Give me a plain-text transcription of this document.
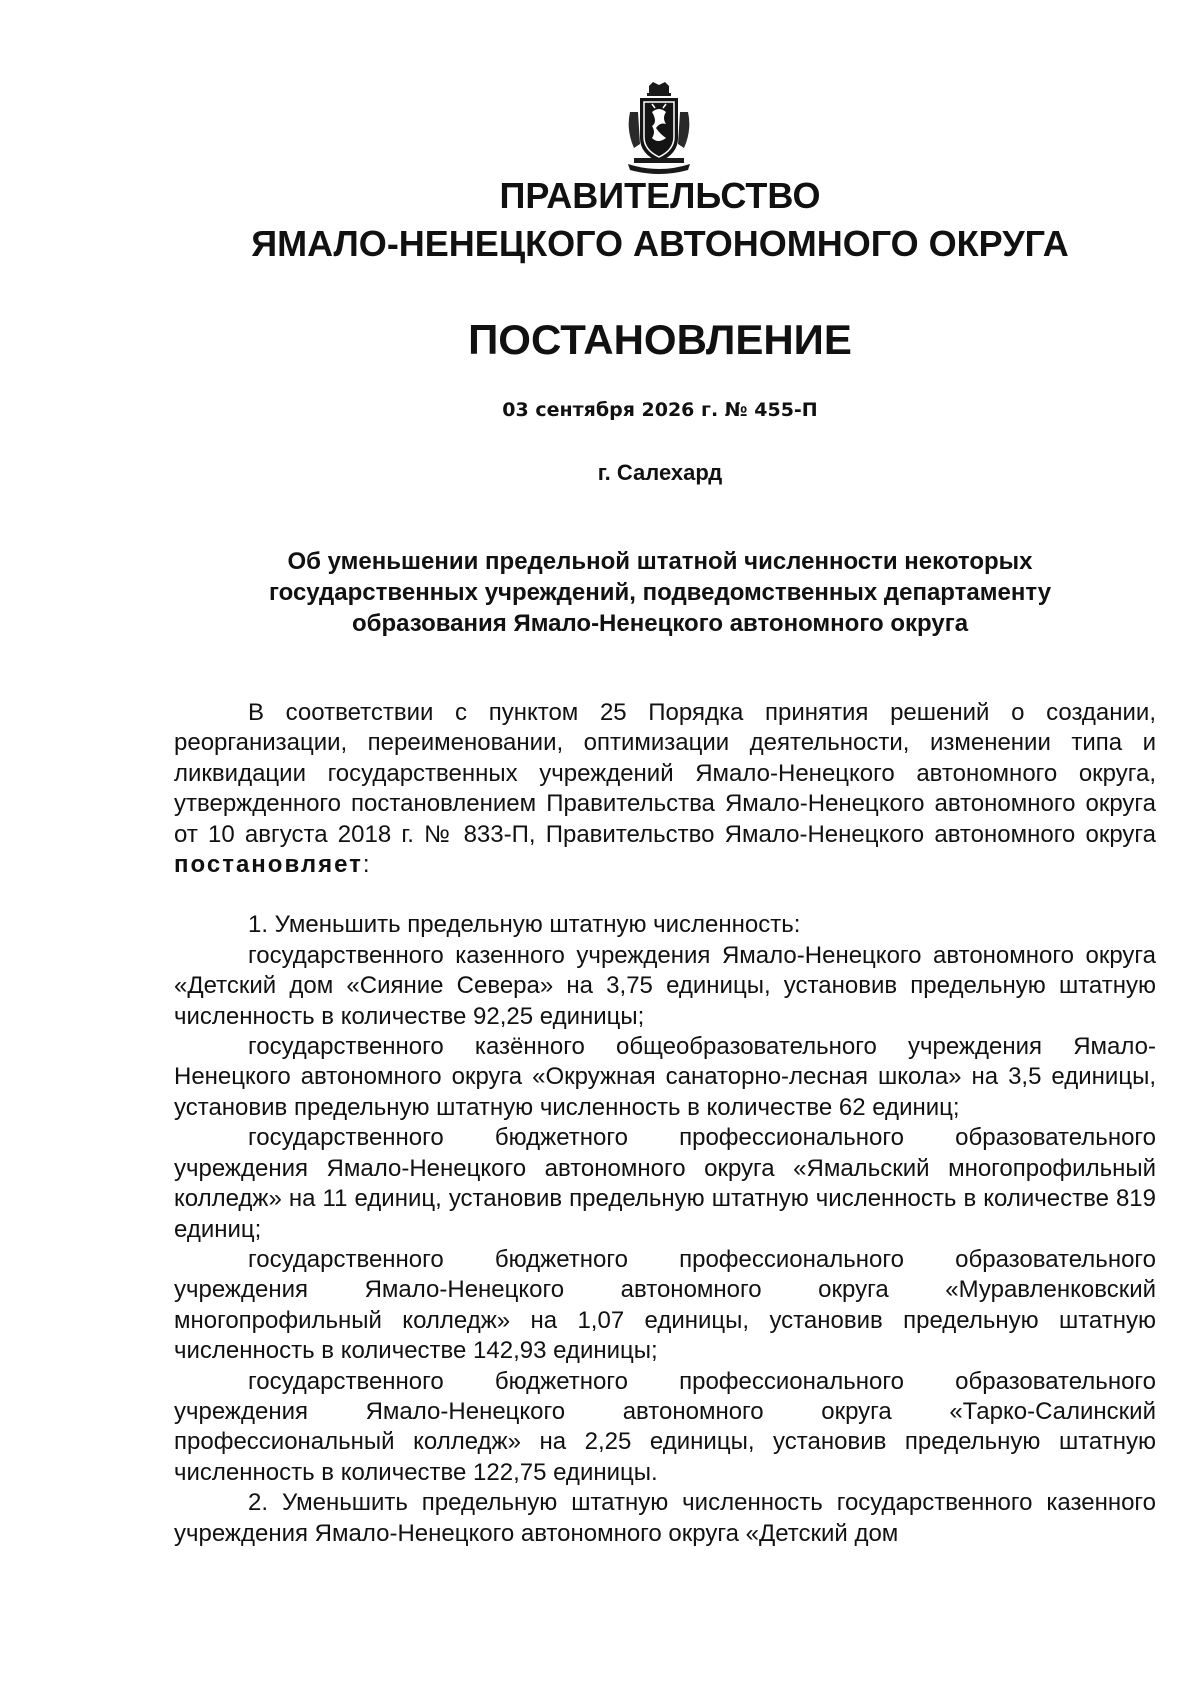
ПРАВИТЕЛЬСТВО
ЯМАЛО-НЕНЕЦКОГО АВТОНОМНОГО ОКРУГА
ПОСТАНОВЛЕНИЕ
03 сентября 2026 г. № 455-П
г. Салехард
Об уменьшении предельной штатной численности некоторых
государственных учреждений, подведомственных департаменту
образования Ямало-Ненецкого автономного округа

В соответствии с пунктом 25 Порядка принятия решений о создании, реорганизации, переименовании, оптимизации деятельности, изменении типа и ликвидации государственных учреждений Ямало-Ненецкого автономного округа, утвержденного постановлением Правительства Ямало-Ненецкого автономного округа от 10 августа 2018 г. № 833-П, Правительство Ямало-Ненецкого автономного округа постановляет:

1. Уменьшить предельную штатную численность:

государственного казенного учреждения Ямало-Ненецкого автономного округа «Детский дом «Сияние Севера» на 3,75 единицы, установив предельную штатную численность в количестве 92,25 единицы;

государственного казённого общеобразовательного учреждения Ямало-Ненецкого автономного округа «Окружная санаторно-лесная школа» на 3,5 единицы, установив предельную штатную численность в количестве 62 единиц;

государственного бюджетного профессионального образовательного учреждения Ямало-Ненецкого автономного округа «Ямальский многопрофильный колледж» на 11 единиц, установив предельную штатную численность в количестве 819 единиц;

государственного бюджетного профессионального образовательного учреждения Ямало-Ненецкого автономного округа «Муравленковский многопрофильный колледж» на 1,07 единицы, установив предельную штатную численность в количестве 142,93 единицы;

государственного бюджетного профессионального образовательного учреждения Ямало-Ненецкого автономного округа «Тарко-Салинский профессиональный колледж» на 2,25 единицы, установив предельную штатную численность в количестве 122,75 единицы.

2. Уменьшить предельную штатную численность государственного казенного учреждения Ямало-Ненецкого автономного округа «Детский дом
